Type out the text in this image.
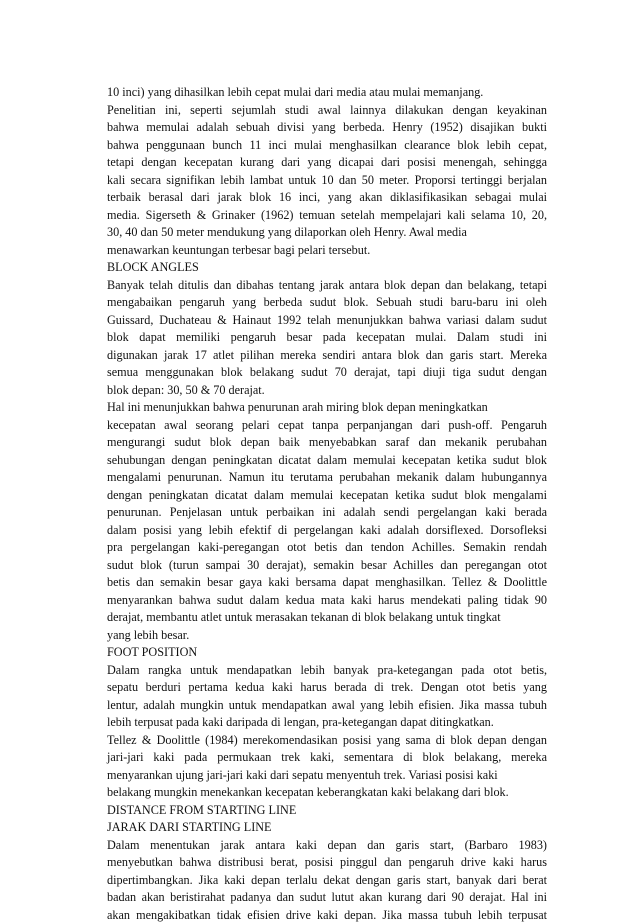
10 inci) yang dihasilkan lebih cepat mulai dari media atau mulai memanjang.
Penelitian ini, seperti sejumlah studi awal lainnya dilakukan dengan keyakinan
bahwa memulai adalah sebuah divisi yang berbeda. Henry (1952) disajikan bukti
bahwa penggunaan bunch 11 inci mulai menghasilkan clearance blok lebih cepat,
tetapi dengan kecepatan kurang dari yang dicapai dari posisi menengah, sehingga
kali secara signifikan lebih lambat untuk 10 dan 50 meter. Proporsi tertinggi berjalan
terbaik berasal dari jarak blok 16 inci, yang akan diklasifikasikan sebagai mulai
media. Sigerseth & Grinaker (1962) temuan setelah mempelajari kali selama 10, 20,
30, 40 dan 50 meter mendukung yang dilaporkan oleh Henry. Awal media
menawarkan keuntungan terbesar bagi pelari tersebut.
BLOCK ANGLES
Banyak telah ditulis dan dibahas tentang jarak antara blok depan dan belakang, tetapi
mengabaikan pengaruh yang berbeda sudut blok. Sebuah studi baru-baru ini oleh
Guissard, Duchateau & Hainaut 1992 telah menunjukkan bahwa variasi dalam sudut
blok dapat memiliki pengaruh besar pada kecepatan mulai. Dalam studi ini
digunakan jarak 17 atlet pilihan mereka sendiri antara blok dan garis start. Mereka
semua menggunakan blok belakang sudut 70 derajat, tapi diuji tiga sudut dengan
blok depan: 30, 50 & 70 derajat.
Hal ini menunjukkan bahwa penurunan arah miring blok depan meningkatkan
kecepatan awal seorang pelari cepat tanpa perpanjangan dari push-off. Pengaruh
mengurangi sudut blok depan baik menyebabkan saraf dan mekanik perubahan
sehubungan dengan peningkatan dicatat dalam memulai kecepatan ketika sudut blok
mengalami penurunan. Namun itu terutama perubahan mekanik dalam hubungannya
dengan peningkatan dicatat dalam memulai kecepatan ketika sudut blok mengalami
penurunan. Penjelasan untuk perbaikan ini adalah sendi pergelangan kaki berada
dalam posisi yang lebih efektif di pergelangan kaki adalah dorsiflexed. Dorsofleksi
pra pergelangan kaki-peregangan otot betis dan tendon Achilles. Semakin rendah
sudut blok (turun sampai 30 derajat), semakin besar Achilles dan peregangan otot
betis dan semakin besar gaya kaki bersama dapat menghasilkan. Tellez & Doolittle
menyarankan bahwa sudut dalam kedua mata kaki harus mendekati paling tidak 90
derajat, membantu atlet untuk merasakan tekanan di blok belakang untuk tingkat
yang lebih besar.
FOOT POSITION
Dalam rangka untuk mendapatkan lebih banyak pra-ketegangan pada otot betis,
sepatu berduri pertama kedua kaki harus berada di trek. Dengan otot betis yang
lentur, adalah mungkin untuk mendapatkan awal yang lebih efisien. Jika massa tubuh
lebih terpusat pada kaki daripada di lengan, pra-ketegangan dapat ditingkatkan.
Tellez & Doolittle (1984) merekomendasikan posisi yang sama di blok depan dengan
jari-jari kaki pada permukaan trek kaki, sementara di blok belakang, mereka
menyarankan ujung jari-jari kaki dari sepatu menyentuh trek. Variasi posisi kaki
belakang mungkin menekankan kecepatan keberangkatan kaki belakang dari blok.
DISTANCE FROM STARTING LINE
JARAK DARI STARTING LINE
Dalam menentukan jarak antara kaki depan dan garis start, (Barbaro 1983)
menyebutkan bahwa distribusi berat, posisi pinggul dan pengaruh drive kaki harus
dipertimbangkan. Jika kaki depan terlalu dekat dengan garis start, banyak dari berat
badan akan beristirahat padanya dan sudut lutut akan kurang dari 90 derajat. Hal ini
akan mengakibatkan tidak efisien drive kaki depan. Jika massa tubuh lebih terpusat
